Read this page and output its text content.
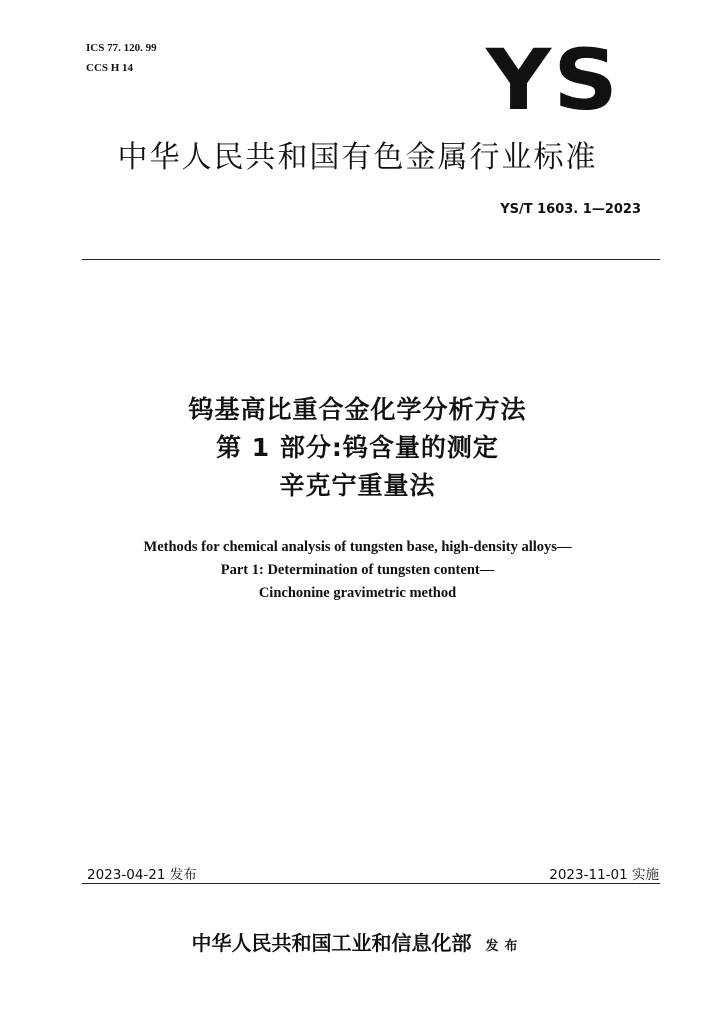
ICS 77. 120. 99
CCS H 14	YS
中华人民共和国有色金属行业标准
YS/T 1603. 1—2023
钨基高比重合金化学分析方法
第 1 部分:钨含量的测定
辛克宁重量法
Methods for chemical analysis of tungsten base, high-density alloys—
Part 1: Determination of tungsten content—
Cinchonine gravimetric method
2023-04-21 发布	2023-11-01 实施
中华人民共和国工业和信息化部 发布
